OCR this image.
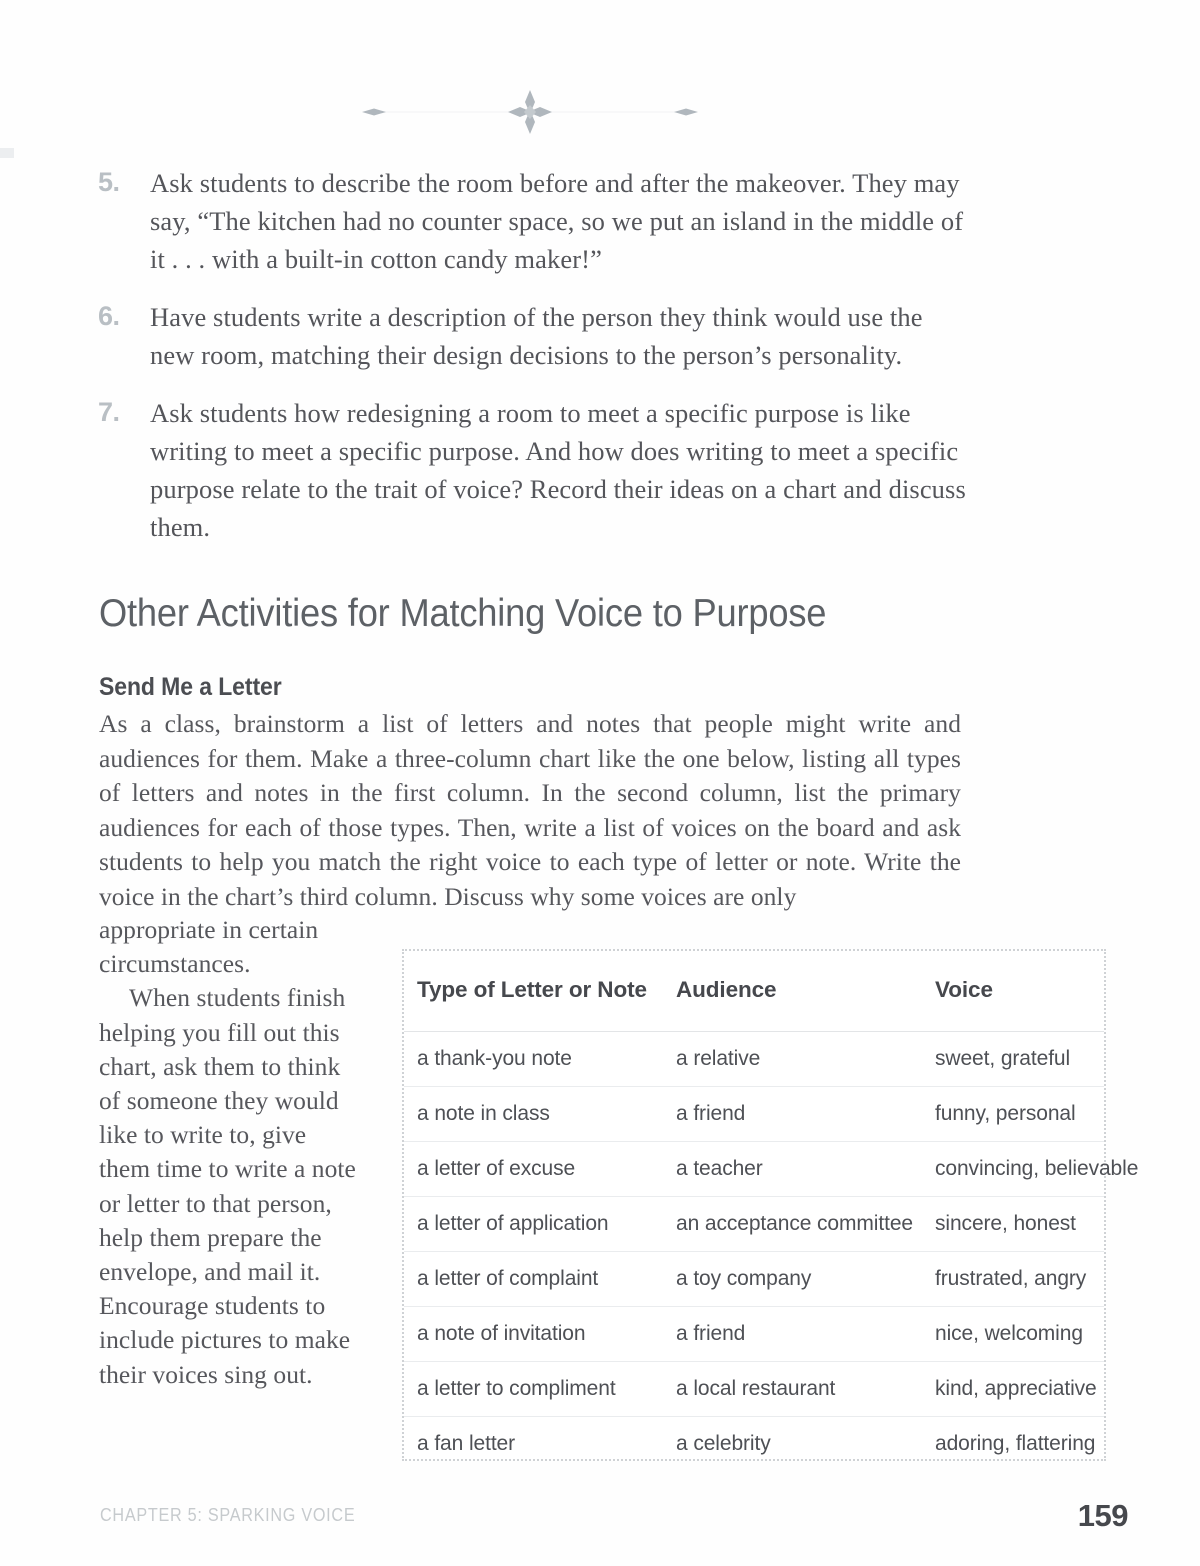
5.	Ask students to describe the room before and after the makeover. They may say, “The kitchen had no counter space, so we put an island in the middle of it . . . with a built-in cotton candy maker!”
6.	Have students write a description of the person they think would use the new room, matching their design decisions to the person’s personality.
7.	Ask students how redesigning a room to meet a specific purpose is like writing to meet a specific purpose. And how does writing to meet a specific purpose relate to the trait of voice? Record their ideas on a chart and discuss them.
Other Activities for Matching Voice to Purpose
Send Me a Letter
As a class, brainstorm a list of letters and notes that people might write and audiences for them. Make a three-column chart like the one below, listing all types of letters and notes in the first column. In the second column, list the primary audiences for each of those types. Then, write a list of voices on the board and ask students to help you match the right voice to each type of letter or note. Write the voice in the chart’s third column. Discuss why some voices are only

appropriate in certain circumstances.

When students finish helping you fill out this chart, ask them to think of someone they would like to write to, give them time to write a note or letter to that person, help them prepare the envelope, and mail it. Encourage students to include pictures to make their voices sing out.

Type of Letter or Note	Audience	Voice
a thank-you note	a relative	sweet, grateful
a note in class	a friend	funny, personal
a letter of excuse	a teacher	convincing, believable
a letter of application	an acceptance committee	sincere, honest
a letter of complaint	a toy company	frustrated, angry
a note of invitation	a friend	nice, welcoming
a letter to compliment	a local restaurant	kind, appreciative
a fan letter	a celebrity	adoring, flattering
CHAPTER 5: SPARKING VOICE	159
